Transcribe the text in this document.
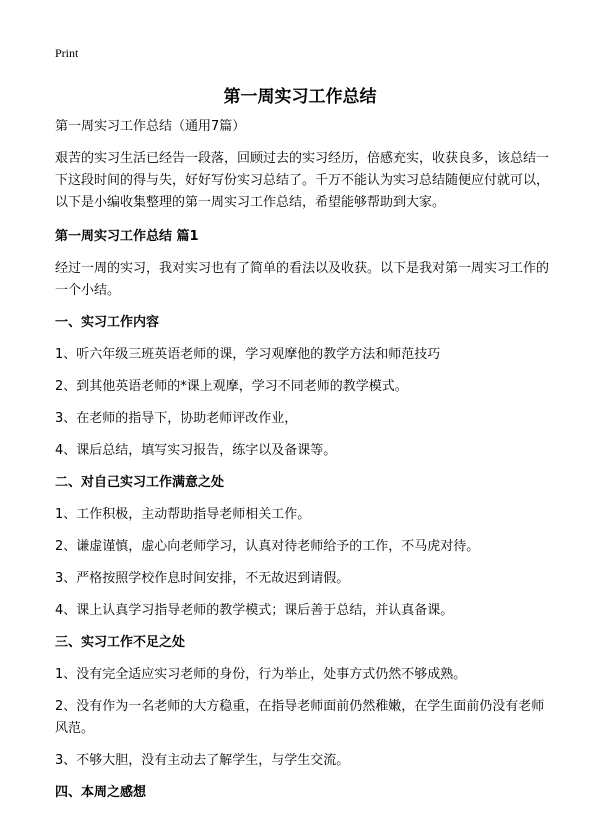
Print
第一周实习工作总结

第一周实习工作总结（通用7篇）

艰苦的实习生活已经告一段落，回顾过去的实习经历，倍感充实，收获良多，该总结一下这段时间的得与失，好好写份实习总结了。千万不能认为实习总结随便应付就可以，以下是小编收集整理的第一周实习工作总结，希望能够帮助到大家。

第一周实习工作总结 篇1

经过一周的实习，我对实习也有了简单的看法以及收获。以下是我对第一周实习工作的一个小结。

一、实习工作内容

1、听六年级三班英语老师的课，学习观摩他的教学方法和师范技巧

2、到其他英语老师的*课上观摩，学习不同老师的教学模式。

3、在老师的指导下，协助老师评改作业，

4、课后总结，填写实习报告，练字以及备课等。

二、对自己实习工作满意之处

1、工作积极，主动帮助指导老师相关工作。

2、谦虚谨慎，虚心向老师学习，认真对待老师给予的工作，不马虎对待。

3、严格按照学校作息时间安排，不无故迟到请假。

4、课上认真学习指导老师的教学模式；课后善于总结，并认真备课。

三、实习工作不足之处

1、没有完全适应实习老师的身份，行为举止，处事方式仍然不够成熟。

2、没有作为一名老师的大方稳重，在指导老师面前仍然稚嫩，在学生面前仍没有老师风范。

3、不够大胆，没有主动去了解学生，与学生交流。

四、本周之感想
